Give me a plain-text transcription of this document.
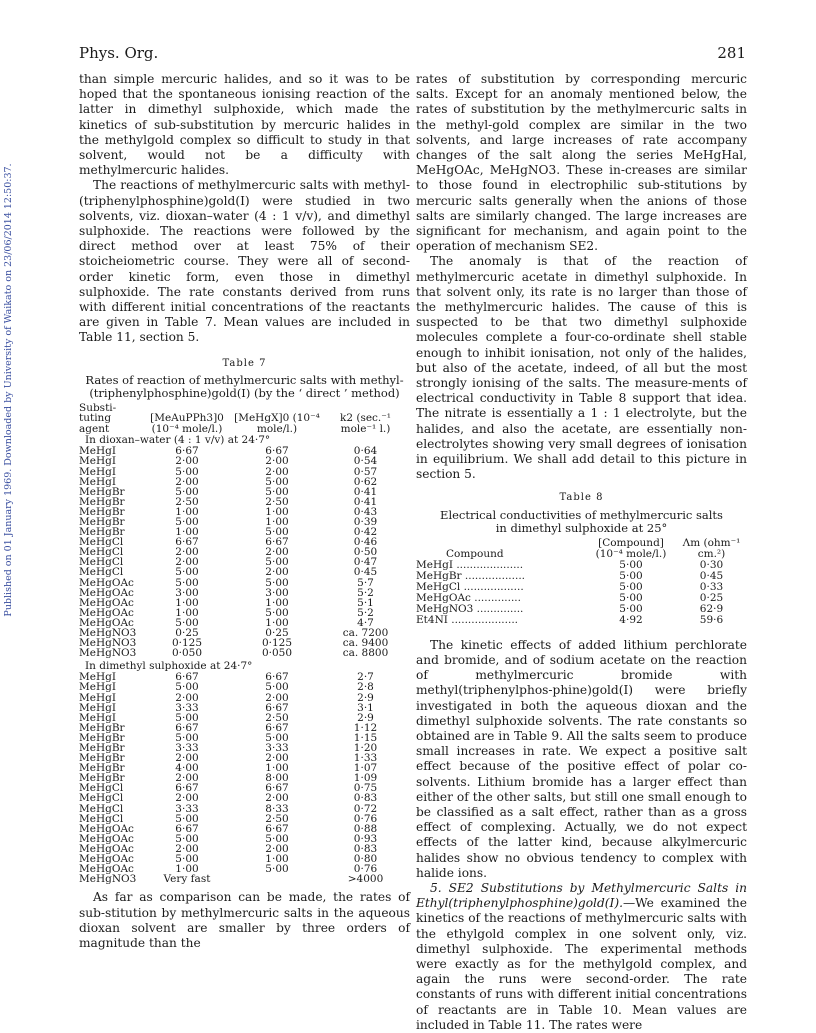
Phys. Org.	281
Published on 01 January 1969. Downloaded by University of Waikato on 23/06/2014 12:50:37.

than simple mercuric halides, and so it was to be hoped that the spontaneous ionising reaction of the latter in dimethyl sulphoxide, which made the kinetics of sub-substitution by mercuric halides in the methylgold complex so difficult to study in that solvent, would not be a difficulty with methylmercuric halides.

The reactions of methylmercuric salts with methyl-(triphenylphosphine)gold(I) were studied in two solvents, viz. dioxan–water (4 : 1 v/v), and dimethyl sulphoxide. The reactions were followed by the direct method over at least 75% of their stoicheiometric course. They were all of second-order kinetic form, even those in dimethyl sulphoxide. The rate constants derived from runs with different initial concentrations of the reactants are given in Table 7. Mean values are included in Table 11, section 5.

Table 7
Rates of reaction of methylmercuric salts with methyl-(triphenylphosphine)gold(I) (by the ‘ direct ’ method)
Substi-tuting agent	[MeAuPPh3]0 (10⁻⁴ mole/l.)	[MeHgX]0 (10⁻⁴ mole/l.)	k2 (sec.⁻¹ mole⁻¹ l.)
In dioxan–water (4 : 1 v/v) at 24·7°
MeHgI	6·67	6·67	0·64
MeHgI	2·00	2·00	0·54
MeHgI	5·00	2·00	0·57
MeHgI	2·00	5·00	0·62
MeHgBr	5·00	5·00	0·41
MeHgBr	2·50	2·50	0·41
MeHgBr	1·00	1·00	0·43
MeHgBr	5·00	1·00	0·39
MeHgBr	1·00	5·00	0·42
MeHgCl	6·67	6·67	0·46
MeHgCl	2·00	2·00	0·50
MeHgCl	2·00	5·00	0·47
MeHgCl	5·00	2·00	0·45
MeHgOAc	5·00	5·00	5·7
MeHgOAc	3·00	3·00	5·2
MeHgOAc	1·00	1·00	5·1
MeHgOAc	1·00	5·00	5·2
MeHgOAc	5·00	1·00	4·7
MeHgNO3	0·25	0·25	ca. 7200
MeHgNO3	0·125	0·125	ca. 9400
MeHgNO3	0·050	0·050	ca. 8800
In dimethyl sulphoxide at 24·7°
MeHgI	6·67	6·67	2·7
MeHgI	5·00	5·00	2·8
MeHgI	2·00	2·00	2·9
MeHgI	3·33	6·67	3·1
MeHgI	5·00	2·50	2·9
MeHgBr	6·67	6·67	1·12
MeHgBr	5·00	5·00	1·15
MeHgBr	3·33	3·33	1·20
MeHgBr	2·00	2·00	1·33
MeHgBr	4·00	1·00	1·07
MeHgBr	2·00	8·00	1·09
MeHgCl	6·67	6·67	0·75
MeHgCl	2·00	2·00	0·83
MeHgCl	3·33	8·33	0·72
MeHgCl	5·00	2·50	0·76
MeHgOAc	6·67	6·67	0·88
MeHgOAc	5·00	5·00	0·93
MeHgOAc	2·00	2·00	0·83
MeHgOAc	5·00	1·00	0·80
MeHgOAc	1·00	5·00	0·76
MeHgNO3	Very fast		>4000

As far as comparison can be made, the rates of sub-stitution by methylmercuric salts in the aqueous dioxan solvent are smaller by three orders of magnitude than the

rates of substitution by corresponding mercuric salts. Except for an anomaly mentioned below, the rates of substitution by the methylmercuric salts in the methyl-gold complex are similar in the two solvents, and large increases of rate accompany changes of the salt along the series MeHgHal, MeHgOAc, MeHgNO3. These in-creases are similar to those found in electrophilic sub-stitutions by mercuric salts generally when the anions of those salts are similarly changed. The large increases are significant for mechanism, and again point to the operation of mechanism SE2.

The anomaly is that of the reaction of methylmercuric acetate in dimethyl sulphoxide. In that solvent only, its rate is no larger than those of the methylmercuric halides. The cause of this is suspected to be that two dimethyl sulphoxide molecules complete a four-co-ordinate shell stable enough to inhibit ionisation, not only of the halides, but also of the acetate, indeed, of all but the most strongly ionising of the salts. The measure-ments of electrical conductivity in Table 8 support that idea. The nitrate is essentially a 1 : 1 electrolyte, but the halides, and also the acetate, are essentially non-electrolytes showing very small degrees of ionisation in equilibrium. We shall add detail to this picture in section 5.

Table 8
Electrical conductivities of methylmercuric salts in dimethyl sulphoxide at 25°
Compound	[Compound] (10⁻⁴ mole/l.)	Λm (ohm⁻¹ cm.²)
MeHgI ....................	5·00	0·30
MeHgBr ..................	5·00	0·45
MeHgCl ..................	5·00	0·33
MeHgOAc ..............	5·00	0·25
MeHgNO3 ..............	5·00	62·9
Et4NI ....................	4·92	59·6

The kinetic effects of added lithium perchlorate and bromide, and of sodium acetate on the reaction of methylmercuric bromide with methyl(triphenylphos-phine)gold(I) were briefly investigated in both the aqueous dioxan and the dimethyl sulphoxide solvents. The rate constants so obtained are in Table 9. All the salts seem to produce small increases in rate. We expect a positive salt effect because of the positive effect of polar co-solvents. Lithium bromide has a larger effect than either of the other salts, but still one small enough to be classified as a salt effect, rather than as a gross effect of complexing. Actually, we do not expect effects of the latter kind, because alkylmercuric halides show no obvious tendency to complex with halide ions.

5. SE2 Substitutions by Methylmercuric Salts in Ethyl(triphenylphosphine)gold(I).—We examined the kinetics of the reactions of methylmercuric salts with the ethylgold complex in one solvent only, viz. dimethyl sulphoxide. The experimental methods were exactly as for the methylgold complex, and again the runs were second-order. The rate constants of runs with different initial concentrations of reactants are in Table 10. Mean values are included in Table 11. The rates were
